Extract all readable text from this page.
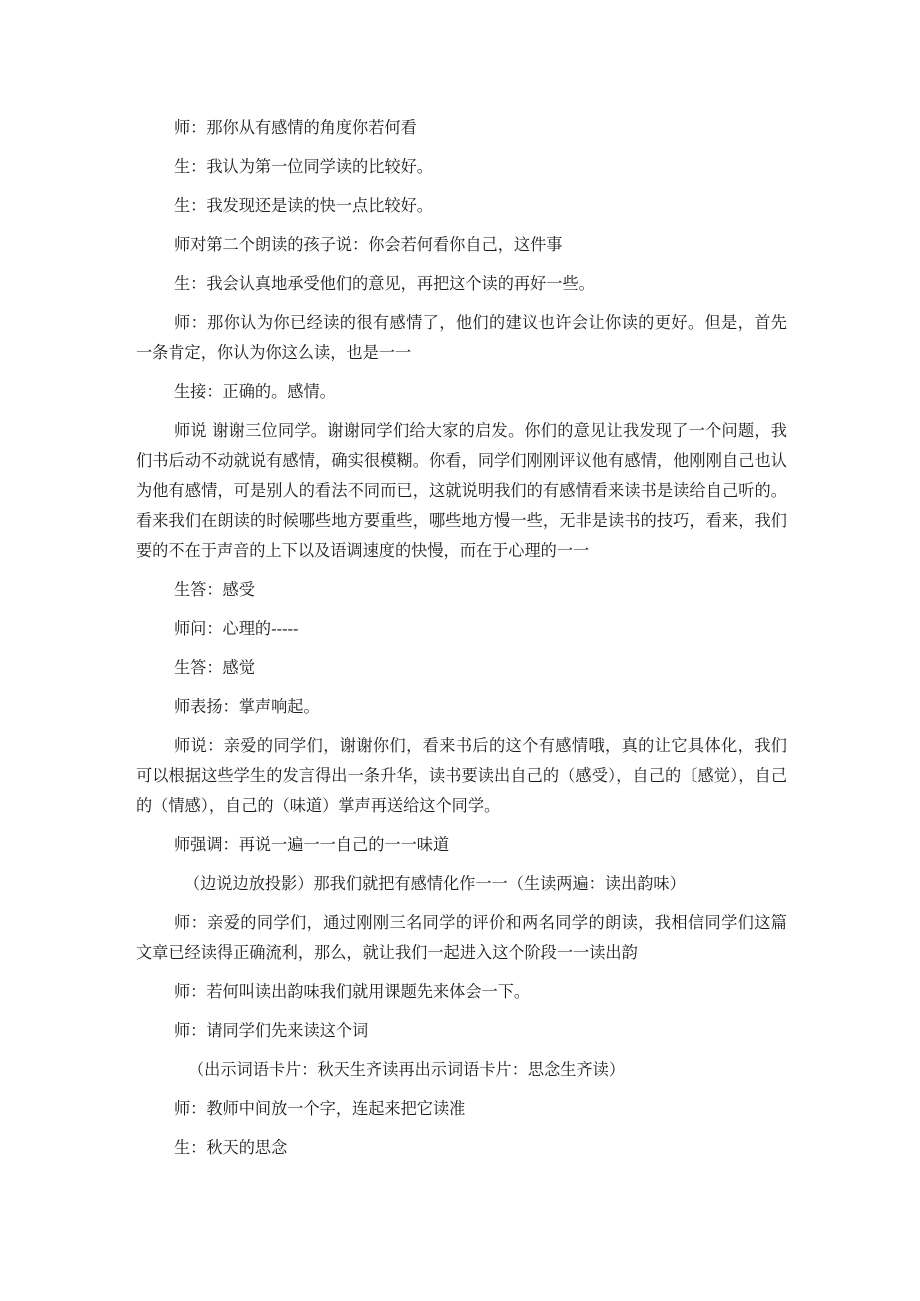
师：那你从有感情的角度你若何看

生：我认为第一位同学读的比较好。

生：我发现还是读的快一点比较好。

师对第二个朗读的孩子说：你会若何看你自己，这件事

生：我会认真地承受他们的意见，再把这个读的再好一些。

师：那你认为你已经读的很有感情了，他们的建议也许会让你读的更好。但是，首先一条肯定，你认为你这么读，也是一一

生接：正确的。感情。

师说 谢谢三位同学。谢谢同学们给大家的启发。你们的意见让我发现了一个问题，我们书后动不动就说有感情，确实很模糊。你看，同学们刚刚评议他有感情，他刚刚自己也认为他有感情，可是别人的看法不同而已，这就说明我们的有感情看来读书是读给自己听的。看来我们在朗读的时候哪些地方要重些，哪些地方慢一些，无非是读书的技巧，看来，我们要的不在于声音的上下以及语调速度的快慢，而在于心理的一一

生答：感受

师问：心理的-----

生答：感觉

师表扬：掌声响起。

师说：亲爱的同学们，谢谢你们，看来书后的这个有感情哦，真的让它具体化，我们可以根据这些学生的发言得出一条升华，读书要读出自己的（感受），自己的〔感觉），自己的（情感），自己的（味道）掌声再送给这个同学。

师强调：再说一遍一一自己的一一味道

（边说边放投影）那我们就把有感情化作一一（生读两遍：读出韵味）

师：亲爱的同学们，通过刚刚三名同学的评价和两名同学的朗读，我相信同学们这篇文章已经读得正确流利，那么，就让我们一起进入这个阶段一一读出韵

师：若何叫读出韵味我们就用课题先来体会一下。

师：请同学们先来读这个词

（出示词语卡片：秋天生齐读再出示词语卡片：思念生齐读）

师：教师中间放一个字，连起来把它读准

生：秋天的思念
